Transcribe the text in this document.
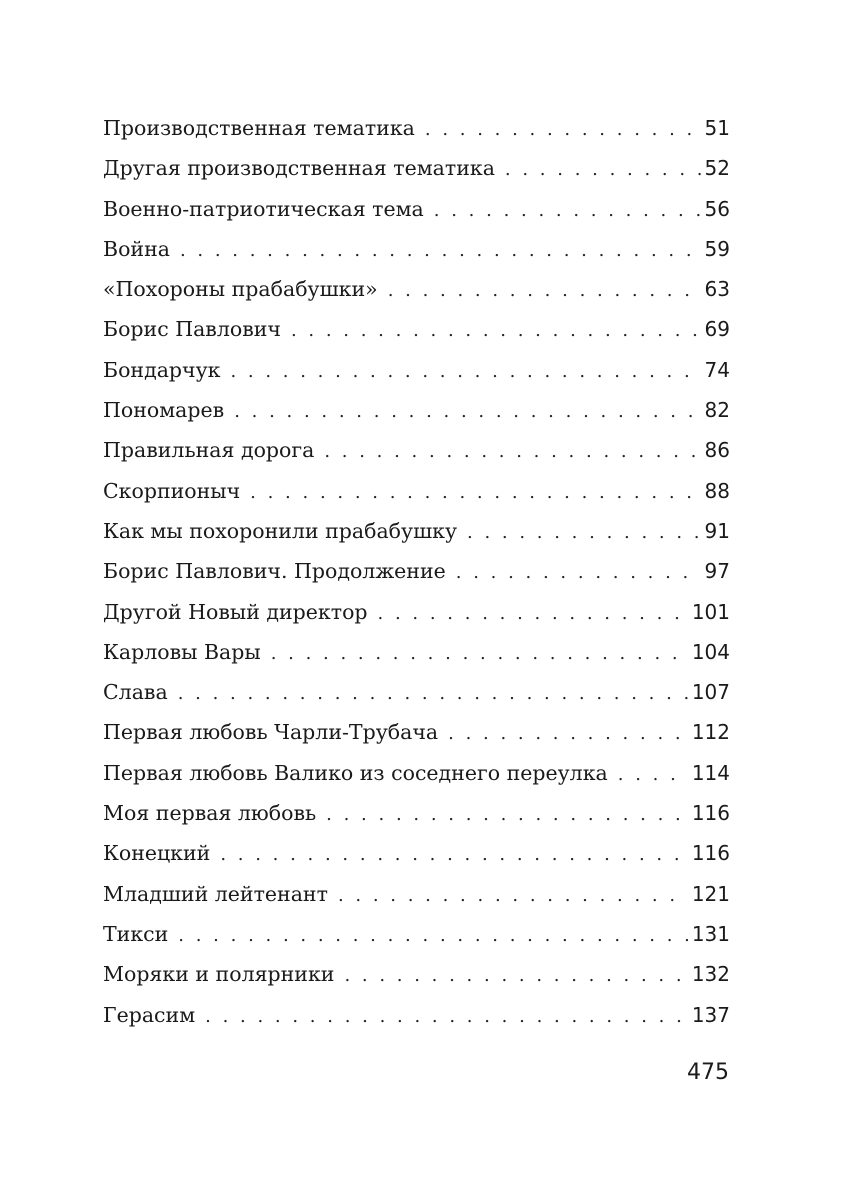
Производственная тематика . . .	51
Другая производственная тематика . . .	52
Военно-патриотическая тема . . .	56
Война . . .	59
«Похороны прабабушки» . . .	63
Борис Павлович . . .	69
Бондарчук . . .	74
Пономарев . . .	82
Правильная дорога . . .	86
Скорпионыч . . .	88
Как мы похоронили прабабушку . . .	91
Борис Павлович. Продолжение . . .	97
Другой Новый директор . . .	101
Карловы Вары . . .	104
Слава . . .	107
Первая любовь Чарли-Трубача . . .	112
Первая любовь Валико из соседнего переулка . . .	114
Моя первая любовь . . .	116
Конецкий . . .	116
Младший лейтенант . . .	121
Тикси . . .	131
Моряки и полярники . . .	132
Герасим . . .	137
475
